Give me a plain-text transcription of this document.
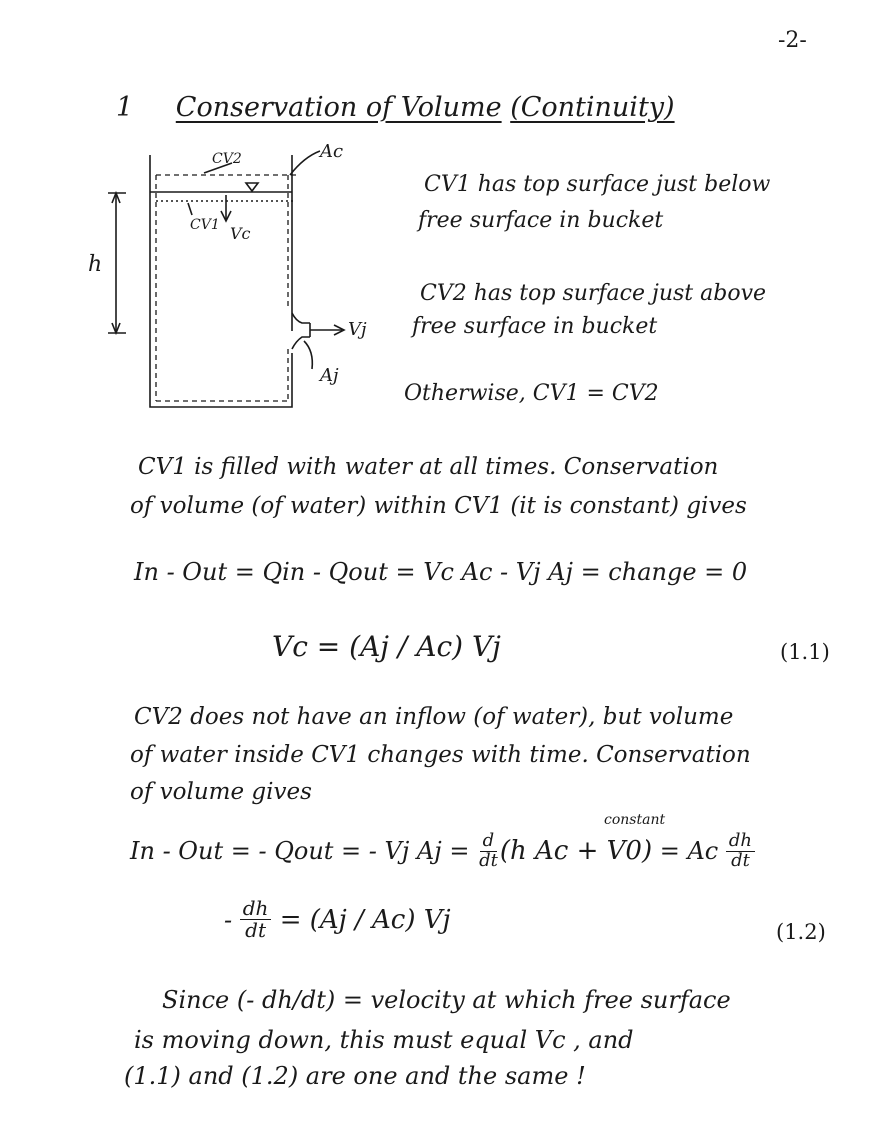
-2-
1 Conservation of Volume (Continuity)
CV2	Ac
CV1 Vc
h
Vj
Aj
CV1 has top surface just below
free surface in bucket
CV2 has top surface just above
free surface in bucket
Otherwise, CV1 = CV2
CV1 is filled with water at all times. Conservation
of volume (of water) within CV1 (it is constant) gives
In - Out = Qin - Qout = Vc Ac - Vj Aj = change = 0
Vc = (Aj / Ac) Vj	(1.1)
CV2 does not have an inflow (of water), but volume
of water inside CV1 changes with time. Conservation
of volume gives
constant
In - Out = - Qout = - Vj $Aj = \frac{d}{dt} (h$ Ac + V0) = Ac dh
dt
- $\frac{dh}{dt} = (Aj / Ac)$ Vj	(1.2)
Since (- dh/dt) = velocity at which free surface
is moving down, this must equal Vc , and
(1.1) and (1.2) are one and the same !
